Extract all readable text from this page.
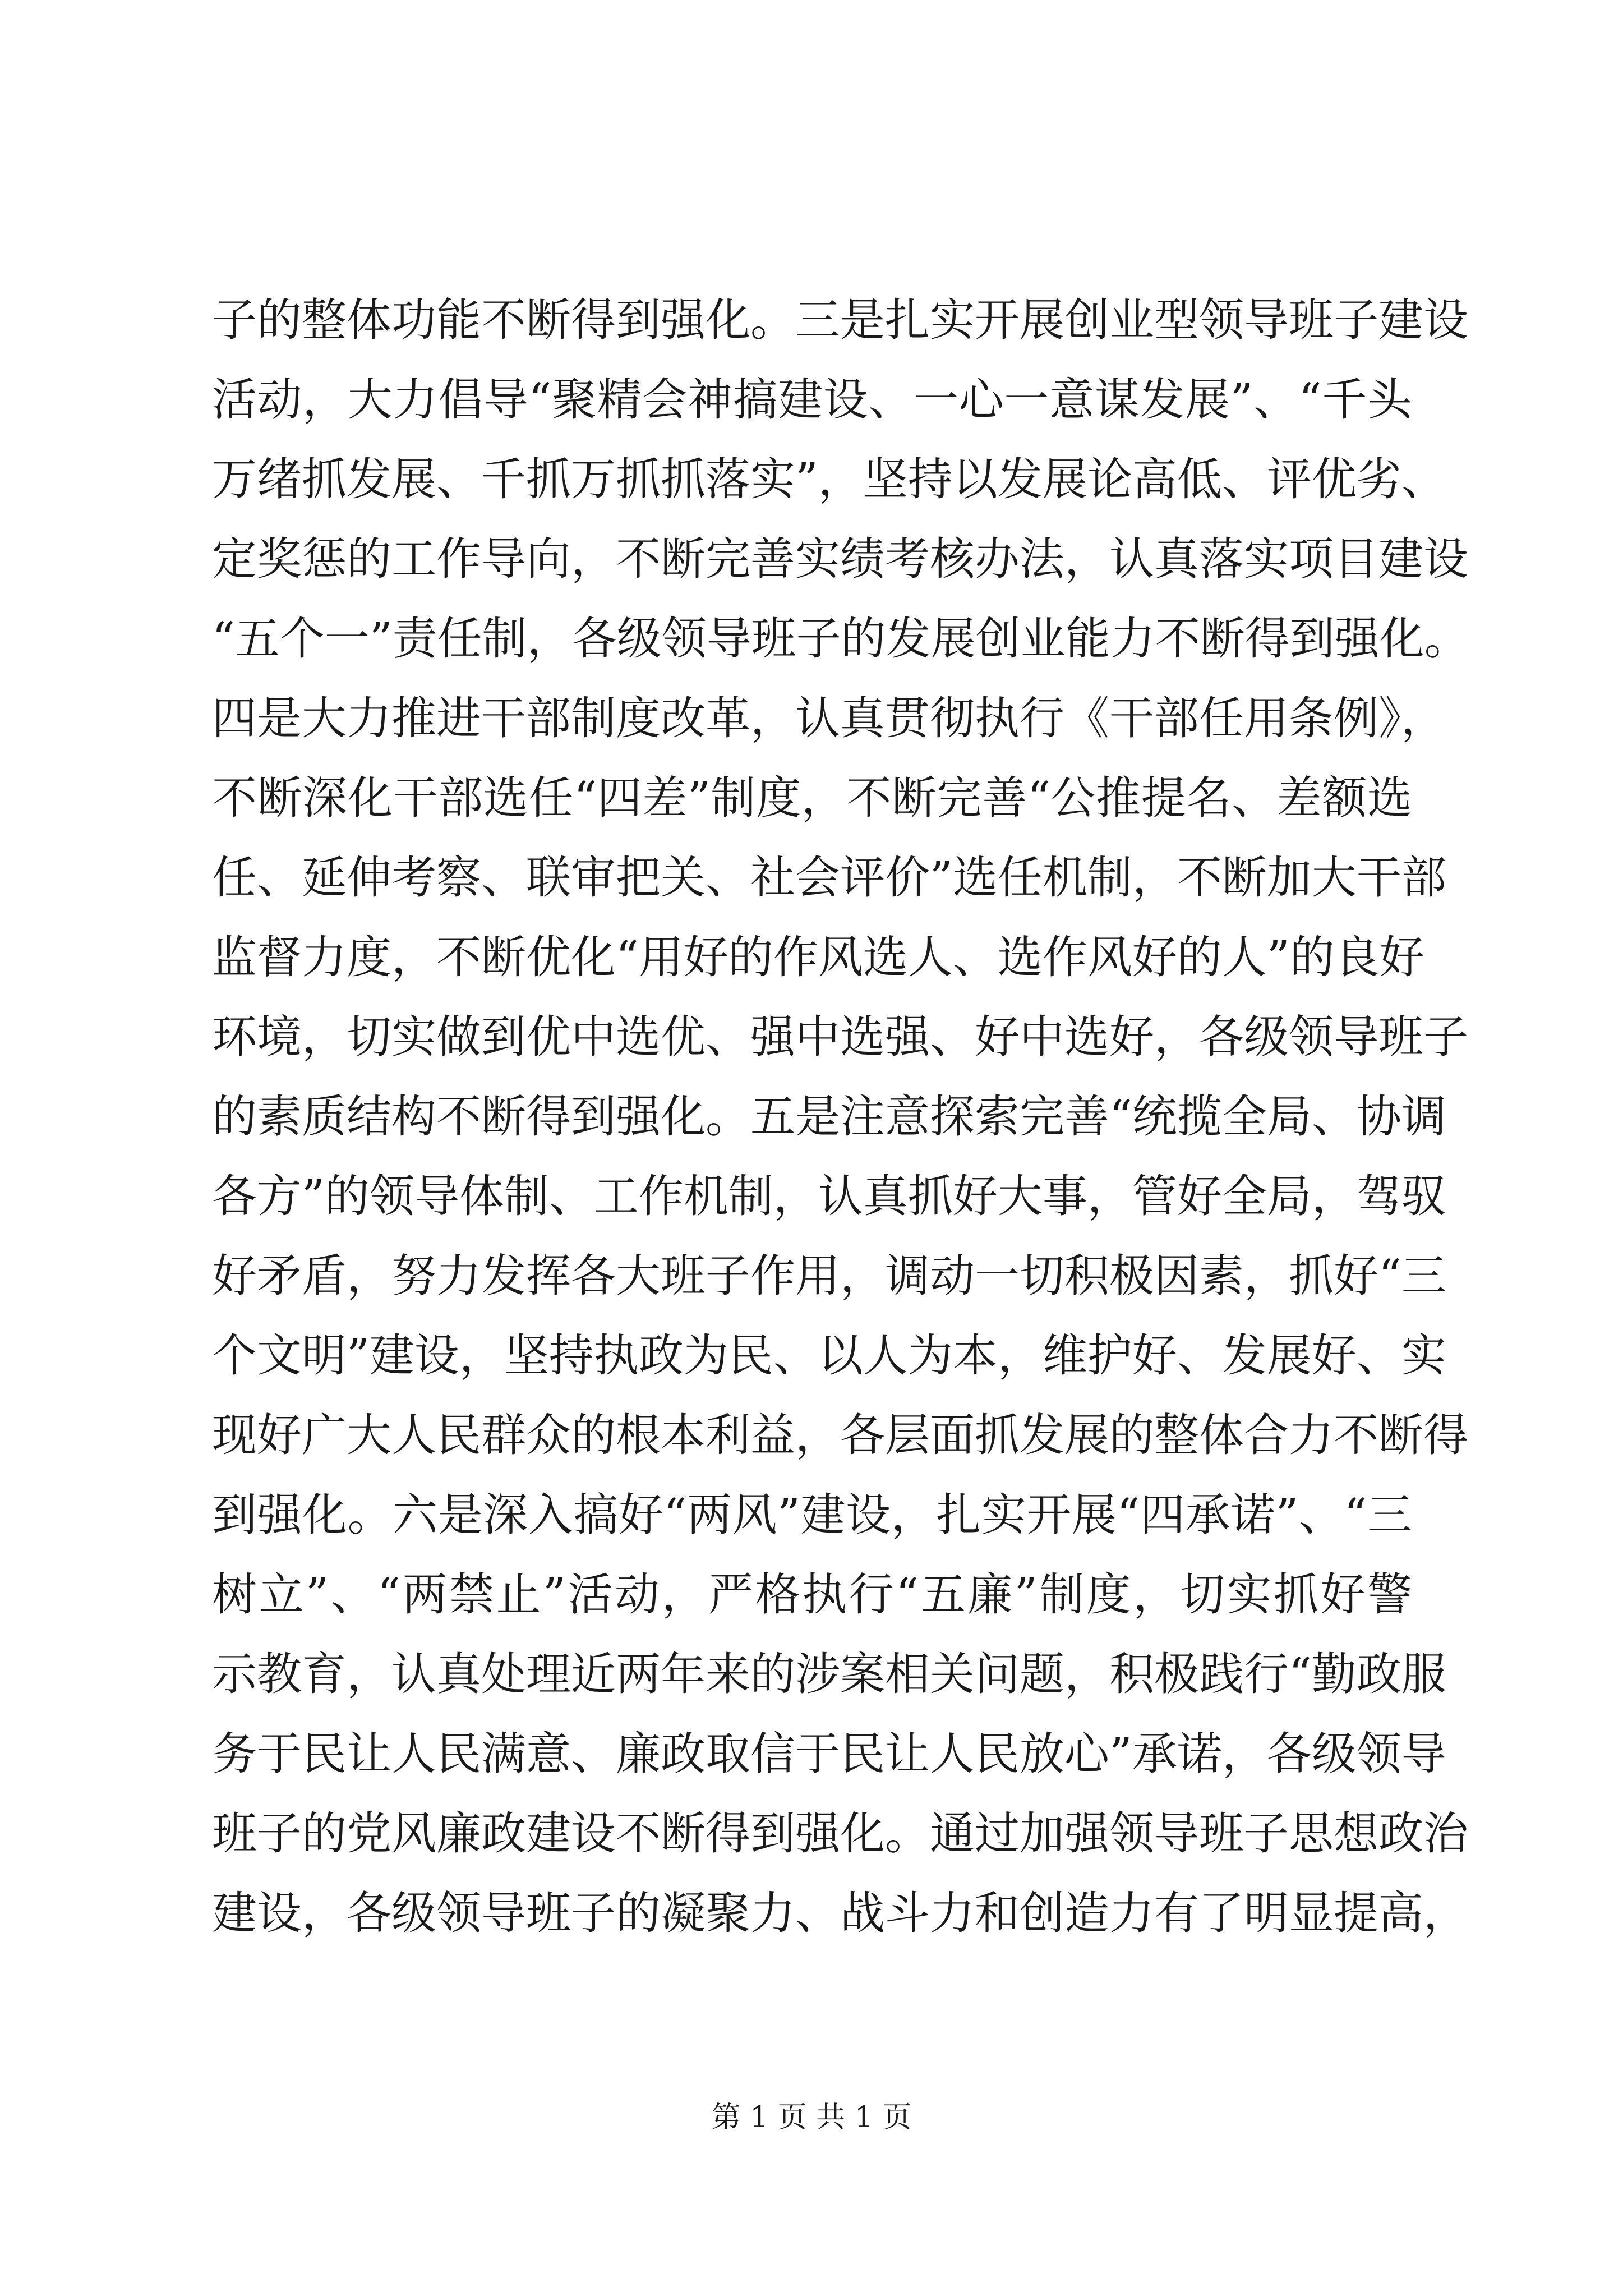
子的整体功能不断得到强化。三是扎实开展创业型领导班子建设
活动，大力倡导“聚精会神搞建设、一心一意谋发展”、“千头
万绪抓发展、千抓万抓抓落实”，坚持以发展论高低、评优劣、
定奖惩的工作导向，不断完善实绩考核办法，认真落实项目建设
“五个一”责任制，各级领导班子的发展创业能力不断得到强化。
四是大力推进干部制度改革，认真贯彻执行《干部任用条例》，
不断深化干部选任“四差”制度，不断完善“公推提名、差额选
任、延伸考察、联审把关、社会评价”选任机制，不断加大干部
监督力度，不断优化“用好的作风选人、选作风好的人”的良好
环境，切实做到优中选优、强中选强、好中选好，各级领导班子
的素质结构不断得到强化。五是注意探索完善“统揽全局、协调
各方”的领导体制、工作机制，认真抓好大事，管好全局，驾驭
好矛盾，努力发挥各大班子作用，调动一切积极因素，抓好“三
个文明”建设，坚持执政为民、以人为本，维护好、发展好、实
现好广大人民群众的根本利益，各层面抓发展的整体合力不断得
到强化。六是深入搞好“两风”建设，扎实开展“四承诺”、“三
树立”、“两禁止”活动，严格执行“五廉”制度，切实抓好警
示教育，认真处理近两年来的涉案相关问题，积极践行“勤政服
务于民让人民满意、廉政取信于民让人民放心”承诺，各级领导
班子的党风廉政建设不断得到强化。通过加强领导班子思想政治
建设，各级领导班子的凝聚力、战斗力和创造力有了明显提高，
第 1 页 共 1 页
